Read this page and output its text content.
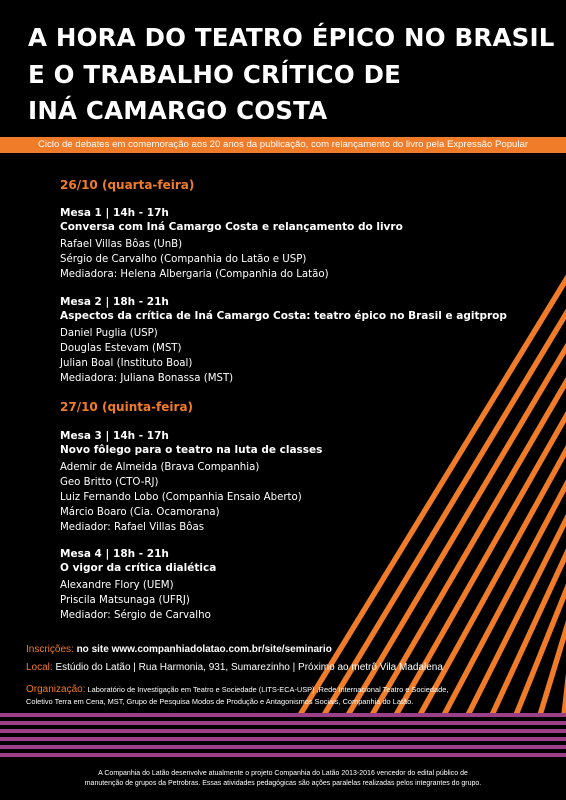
A HORA DO TEATRO ÉPICO NO BRASIL
E O TRABALHO CRÍTICO DE
INÁ CAMARGO COSTA
Ciclo de debates em comemoração aos 20 anos da publicação, com relançamento do livro pela Expressão Popular
26/10 (quarta-feira)
Mesa 1 | 14h - 17h
Conversa com Iná Camargo Costa e relançamento do livro
Rafael Villas Bôas (UnB)
Sérgio de Carvalho (Companhia do Latão e USP)
Mediadora: Helena Albergaria (Companhia do Latão)
Mesa 2 | 18h - 21h
Aspectos da crítica de Iná Camargo Costa: teatro épico no Brasil e agitprop
Daniel Puglia (USP)
Douglas Estevam (MST)
Julian Boal (Instituto Boal)
Mediadora: Juliana Bonassa (MST)
27/10 (quinta-feira)
Mesa 3 | 14h - 17h
Novo fôlego para o teatro na luta de classes
Ademir de Almeida (Brava Companhia)
Geo Britto (CTO-RJ)
Luiz Fernando Lobo (Companhia Ensaio Aberto)
Márcio Boaro (Cia. Ocamorana)
Mediador: Rafael Villas Bôas
Mesa 4 | 18h - 21h
O vigor da crítica dialética
Alexandre Flory (UEM)
Priscila Matsunaga (UFRJ)
Mediador: Sérgio de Carvalho
Inscrições: no site www.companhiadolatao.com.br/site/seminario
Local: Estúdio do Latão | Rua Harmonia, 931, Sumarezinho | Próximo ao metrô Vila Madalena
Organização: Laboratório de Investigação em Teatro e Sociedade (LITS-ECA-USP) ,Rede Internacional Teatro e Sociedade,
Coletivo Terra em Cena, MST, Grupo de Pesquisa Modos de Produção e Antagonismos Sociais, Companhia do Latão.
A Companhia do Latão desenvolve atualmente o projeto Companhia do Latão 2013-2016 vencedor do edital público de
manutenção de grupos da Petrobras. Essas atividades pedagógicas são ações paralelas realizadas pelos integrantes do grupo.
